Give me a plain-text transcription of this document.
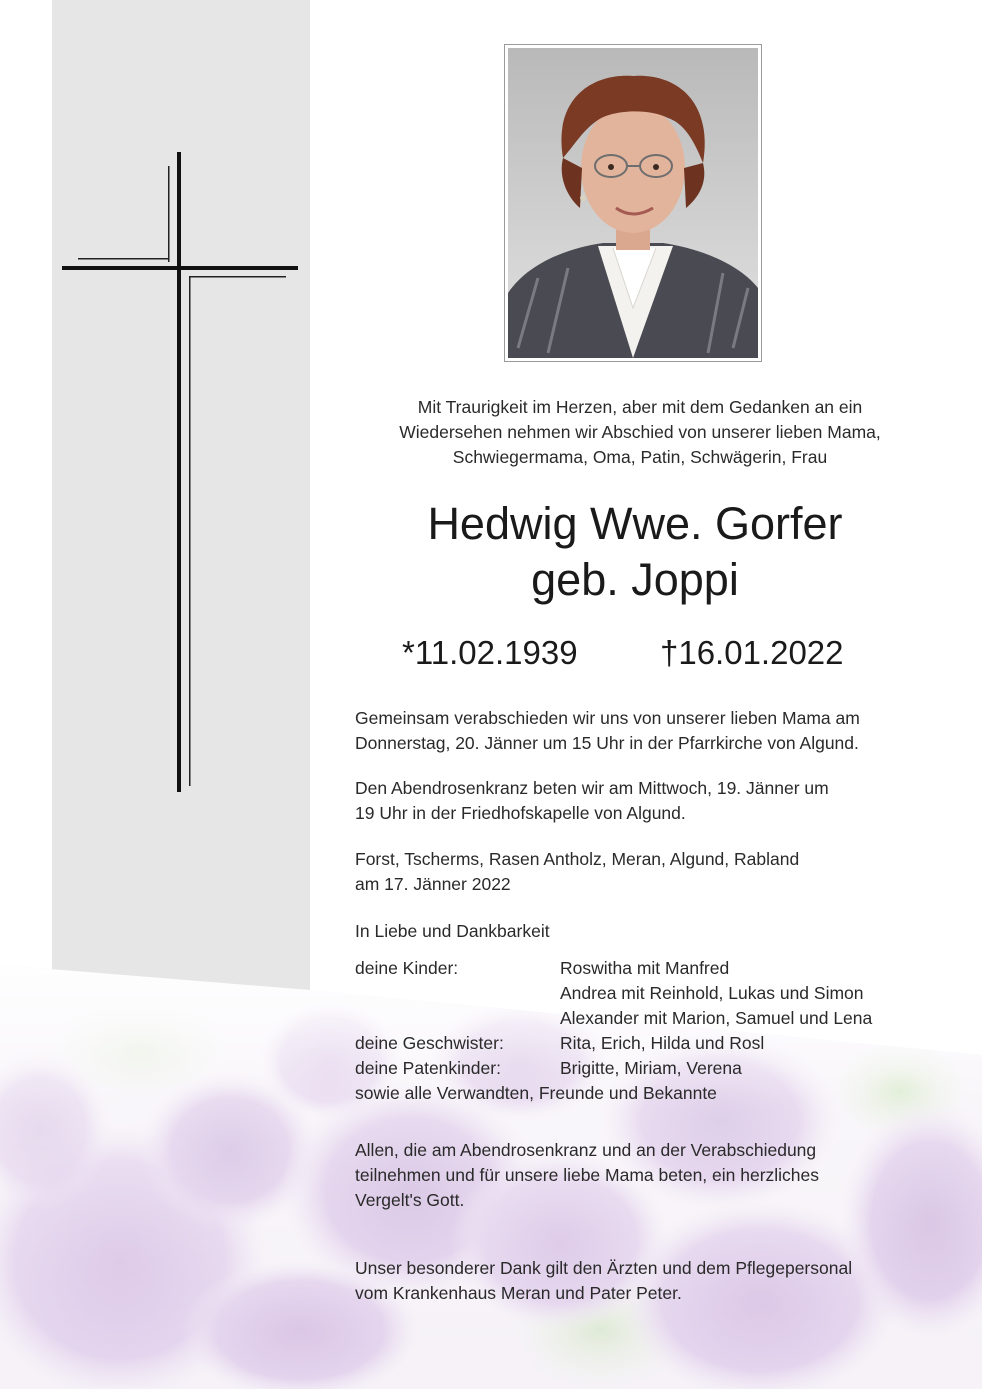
Mit Traurigkeit im Herzen, aber mit dem Gedanken an ein
Wiedersehen nehmen wir Abschied von unserer lieben Mama,
Schwiegermama, Oma, Patin, Schwägerin, Frau
Hedwig Wwe. Gorfer
geb. Joppi
*11.02.1939 †16.01.2022
Gemeinsam verabschieden wir uns von unserer lieben Mama am
Donnerstag, 20. Jänner um 15 Uhr in der Pfarrkirche von Algund.
Den Abendrosenkranz beten wir am Mittwoch, 19. Jänner um
19 Uhr in der Friedhofskapelle von Algund.
Forst, Tscherms, Rasen Antholz, Meran, Algund, Rabland
am 17. Jänner 2022
In Liebe und Dankbarkeit
deine Kinder:	Roswitha mit Manfred
Andrea mit Reinhold, Lukas und Simon
Alexander mit Marion, Samuel und Lena
deine Geschwister:	Rita, Erich, Hilda und Rosl
deine Patenkinder:	Brigitte, Miriam, Verena
sowie alle Verwandten, Freunde und Bekannte
Allen, die am Abendrosenkranz und an der Verabschiedung
teilnehmen und für unsere liebe Mama beten, ein herzliches
Vergelt's Gott.
Unser besonderer Dank gilt den Ärzten und dem Pflegepersonal
vom Krankenhaus Meran und Pater Peter.
